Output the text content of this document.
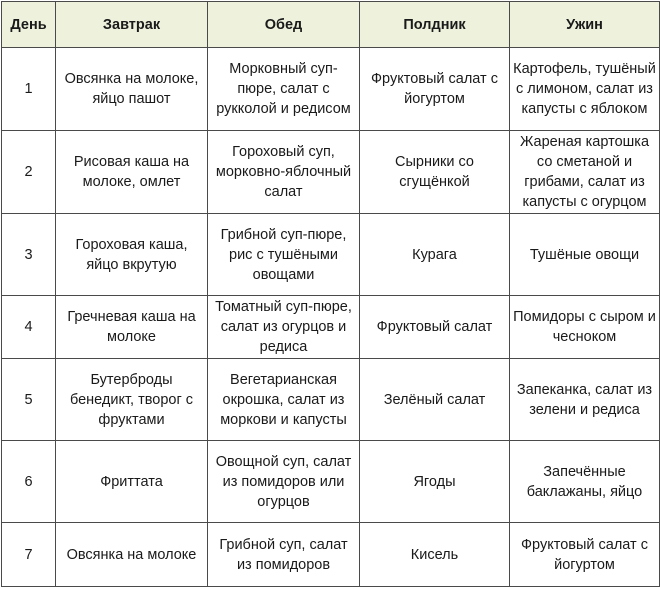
День	Завтрак	Обед	Полдник	Ужин
1	Овсянка на молоке, яйцо пашот	Морковный суп-пюре, салат с рукколой и редисом	Фруктовый салат с йогуртом	Картофель, тушёный с лимоном, салат из капусты с яблоком
2	Рисовая каша на молоке, омлет	Гороховый суп, морковно-яблочный салат	Сырники со сгущёнкой	Жареная картошка со сметаной и грибами, салат из капусты с огурцом
3	Гороховая каша, яйцо вкрутую	Грибной суп-пюре, рис с тушёными овощами	Курага	Тушёные овощи
4	Гречневая каша на молоке	Томатный суп-пюре, салат из огурцов и редиса	Фруктовый салат	Помидоры с сыром и чесноком
5	Бутерброды бенедикт, творог с фруктами	Вегетарианская окрошка, салат из моркови и капусты	Зелёный салат	Запеканка, салат из зелени и редиса
6	Фриттата	Овощной суп, салат из помидоров или огурцов	Ягоды	Запечённые баклажаны, яйцо
7	Овсянка на молоке	Грибной суп, салат из помидоров	Кисель	Фруктовый салат с йогуртом
